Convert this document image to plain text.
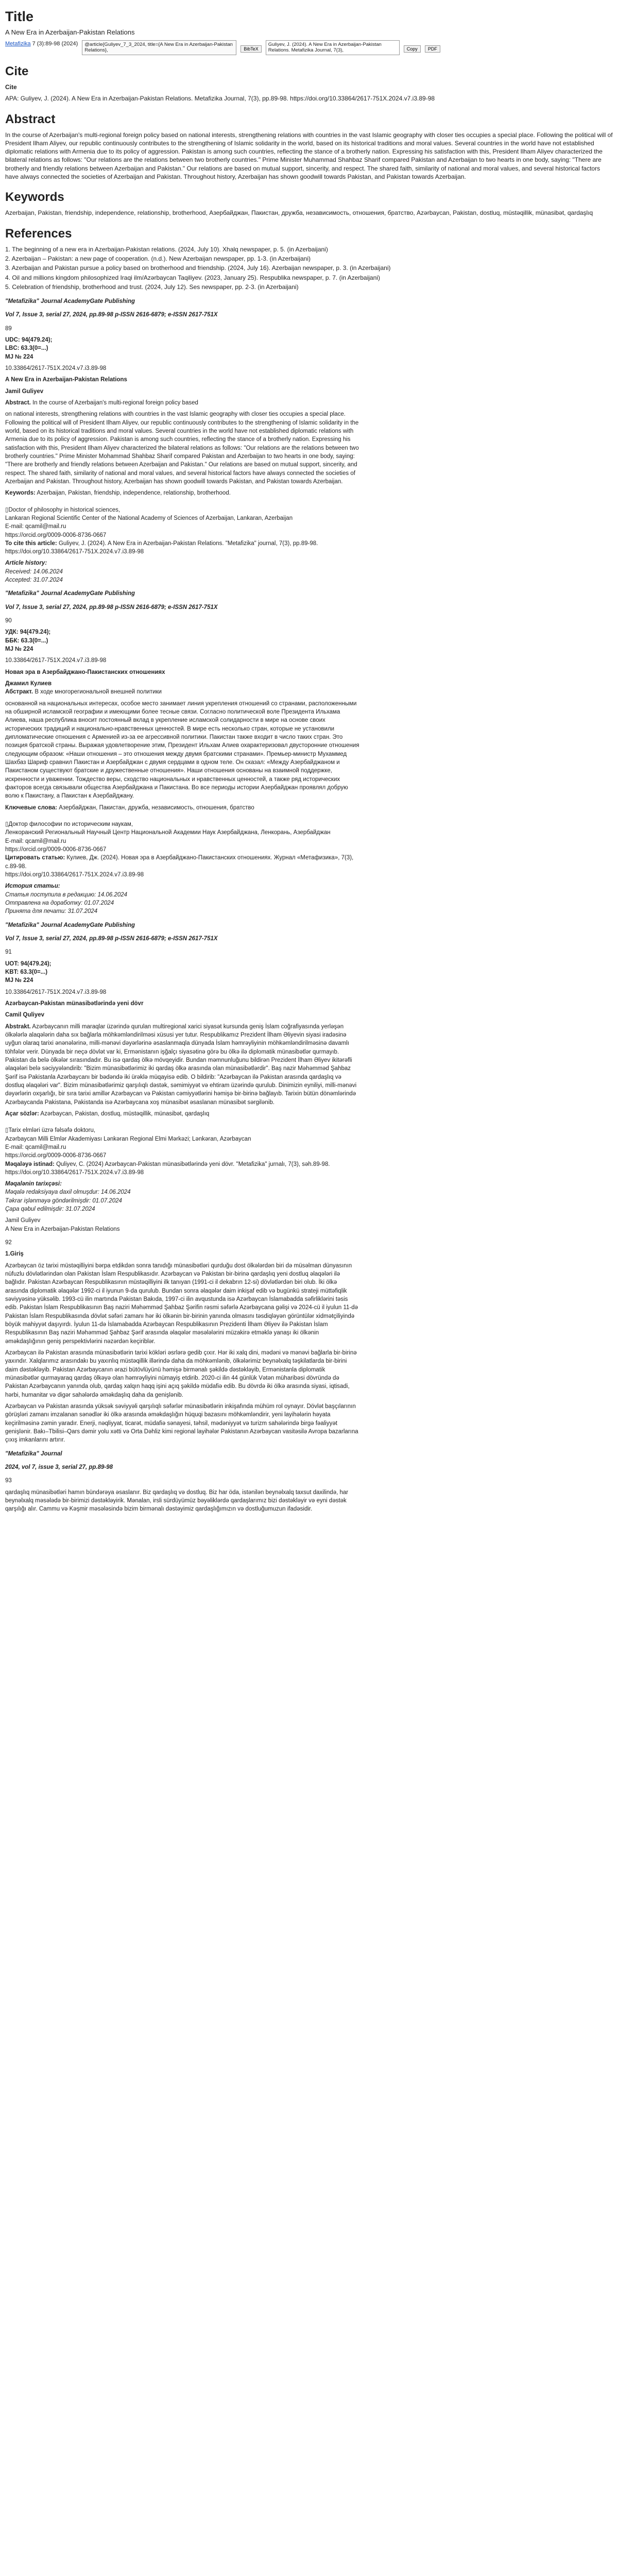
Title
A New Era in Azerbaijan-Pakistan Relations
Metafizika 7 (3):89-98 (2024)	@article{Guliyev_7_3_2024, title={A New Era in Azerbaijan-Pakistan Relations},	BibTeX
Guliyev, J. (2024). A New Era in Azerbaijan-Pakistan Relations. Metafizika Journal, 7(3),	Copy	PDF
Cite
Cite

APA: Guliyev, J. (2024). A New Era in Azerbaijan-Pakistan Relations. Metafizika Journal, 7(3), pp.89-98. https://doi.org/10.33864/2617-751X.2024.v7.i3.89-98

Abstract

In the course of Azerbaijan's multi-regional foreign policy based on national interests, strengthening relations with countries in the vast Islamic geography with closer ties occupies a special place. Following the political will of President Ilham Aliyev, our republic continuously contributes to the strengthening of Islamic solidarity in the world, based on its historical traditions and moral values. Several countries in the world have not established diplomatic relations with Armenia due to its policy of aggression. Pakistan is among such countries, reflecting the stance of a brotherly nation. Expressing his satisfaction with this, President Ilham Aliyev characterized the bilateral relations as follows: "Our relations are the relations between two brotherly countries." Prime Minister Muhammad Shahbaz Sharif compared Pakistan and Azerbaijan to two hearts in one body, saying: "There are brotherly and friendly relations between Azerbaijan and Pakistan." Our relations are based on mutual support, sincerity, and respect. The shared faith, similarity of national and moral values, and several historical factors have always connected the societies of Azerbaijan and Pakistan. Throughout history, Azerbaijan has shown goodwill towards Pakistan, and Pakistan towards Azerbaijan.

Keywords

Azerbaijan, Pakistan, friendship, independence, relationship, brotherhood, Азербайджан, Пакистан, дружба, независимость, отношения, братство, Azərbaycan, Pakistan, dostluq, müstəqillik, münasibət, qardaşlıq

References
1. The beginning of a new era in Azerbaijan-Pakistan relations. (2024, July 10). Xhalq newspaper, p. 5. (in Azerbaijani)
2. Azerbaijan – Pakistan: a new page of cooperation. (n.d.). New Azerbaijan newspaper, pp. 1-3. (in Azerbaijani)
3. Azerbaijan and Pakistan pursue a policy based on brotherhood and friendship. (2024, July 16). Azerbaijan newspaper, p. 3. (in Azerbaijani)
4. Oil and millions kingdom philosophized Iraqi ilm/Azərbaycan Taqiliyev. (2023, January 25). Respublika newspaper, p. 7. (in Azerbaijani)
5. Celebration of friendship, brotherhood and trust. (2024, July 12). Ses newspaper, pp. 2-3. (in Azerbaijani)
"Metafizika" Journal AcademyGate Publishing
Vol 7, Issue 3, serial 27, 2024, pp.89-98 p-ISSN 2616-6879; e-ISSN 2617-751X
89

UDC: 94(479.24);
LBC: 63.3(0=...)
MJ № 224

10.33864/2617-751X.2024.v7.i3.89-98

A New Era in Azerbaijan-Pakistan Relations

Jamil Guliyev

Abstract. In the course of Azerbaijan's multi-regional foreign policy based

on national interests, strengthening relations with countries in the vast Islamic geography with closer ties occupies a special place. Following the political will of President Ilham Aliyev, our republic continuously contributes to the strengthening of Islamic solidarity in the world, based on its historical traditions and moral values. Several countries in the world have not established diplomatic relations with Armenia due to its policy of aggression. Pakistan is among such countries, reflecting the stance of a brotherly nation. Expressing his satisfaction with this, President Ilham Aliyev characterized the bilateral relations as follows: "Our relations are the relations between two brotherly countries." Prime Minister Mohammad Shahbaz Sharif compared Pakistan and Azerbaijan to two hearts in one body, saying: "There are brotherly and friendly relations between Azerbaijan and Pakistan." Our relations are based on mutual support, sincerity, and respect. The shared faith, similarity of national and moral values, and several historical factors have always connected the societies of Azerbaijan and Pakistan. Throughout history, Azerbaijan has shown goodwill towards Pakistan, and Pakistan towards Azerbaijan.

Keywords: Azerbaijan, Pakistan, friendship, independence, relationship, brotherhood.

▯Doctor of philosophy in historical sciences,
Lankaran Regional Scientific Center of the National Academy of Sciences of Azerbaijan, Lankaran, Azerbaijan
E-mail: qcamil@mail.ru
https://orcid.org/0009-0006-8736-0667
To cite this article: Guliyev, J. (2024). A New Era in Azerbaijan-Pakistan Relations. "Metafizika" journal, 7(3), pp.89-98.
https://doi.org/10.33864/2617-751X.2024.v7.i3.89-98

Article history:
Received: 14.06.2024
Accepted: 31.07.2024

"Metafizika" Journal AcademyGate Publishing
Vol 7, Issue 3, serial 27, 2024, pp.89-98 p-ISSN 2616-6879; e-ISSN 2617-751X
90

УДК: 94(479.24);
ББК: 63.3(0=...)
MJ № 224

10.33864/2617-751X.2024.v7.i3.89-98

Новая эра в Азербайджано-Пакистанских отношениях

Джамил Кулиев
Абстракт. В ходе многорегиональной внешней политики

основанной на национальных интересах, особое место занимает линия укрепления отношений со странами, расположенными на обширной исламской географии и имеющими более тесные связи. Согласно политической воле Президента Ильхама Алиева, наша республика вносит постоянный вклад в укрепление исламской солидарности в мире на основе своих исторических традиций и национально-нравственных ценностей. В мире есть несколько стран, которые не установили дипломатические отношения с Арменией из-за ее агрессивной политики. Пакистан также входит в число таких стран. Это позиция братской страны. Выражая удовлетворение этим, Президент Ильхам Алиев охарактеризовал двусторонние отношения следующим образом: «Наши отношения – это отношения между двумя братскими странами». Премьер-министр Мухаммед Шахбаз Шариф сравнил Пакистан и Азербайджан с двумя сердцами в одном теле. Он сказал: «Между Азербайджаном и Пакистаном существуют братские и дружественные отношения». Наши отношения основаны на взаимной поддержке, искренности и уважении. Тождество веры, сходство национальных и нравственных ценностей, а также ряд исторических факторов всегда связывали общества Азербайджана и Пакистана. Во все периоды истории Азербайджан проявлял добрую волю к Пакистану, а Пакистан к Азербайджану.

Ключевые слова: Азербайджан, Пакистан, дружба, независимость, отношения, братство

▯Доктор философии по историческим наукам,
Ленкоранский Региональный Научный Центр Национальной Академии Наук Азербайджана, Ленкорань, Азербайджан
E-mail: qcamil@mail.ru
https://orcid.org/0009-0006-8736-0667
Цитировать статью: Кулиев, Дж. (2024). Новая эра в Азербайджано-Пакистанских отношениях. Журнал «Метафизика», 7(3), с.89-98.
https://doi.org/10.33864/2617-751X.2024.v7.i3.89-98

История статьи:
Статья поступила в редакцию: 14.06.2024
Отправлена на доработку: 01.07.2024
Принята для печати: 31.07.2024

"Metafizika" Journal AcademyGate Publishing
Vol 7, Issue 3, serial 27, 2024, pp.89-98 p-ISSN 2616-6879; e-ISSN 2617-751X
91

UOT: 94(479.24);
KBT: 63.3(0=...)
MJ № 224

10.33864/2617-751X.2024.v7.i3.89-98

Azərbaycan-Pakistan münasibətlərində yeni dövr

Camil Quliyev

Abstrakt. Azərbaycanın milli maraqlar üzərində qurulan multiregional xarici siyasət kursunda geniş İslam coğrafiyasında yerləşən ölkələrlə alaqələrin daha sıx bağlarla möhkəmləndirilməsi xüsusi yer tutur. Respublikamız Prezident İlham Əliyevin siyasi iradəsinə uyğun olaraq tarixi ənənələrinə, milli-mənəvi dəyərlərinə əsaslanmaqla dünyada İslam həmrəyliyinin möhkəmləndirilməsinə davamlı töhfələr verir. Dünyada bir neçə dövlət var ki, Ermənistanın işğalçı siyasətinə görə bu ölkə ilə diplomatik münasibətlər qurmayıb. Pakistan da belə ölkələr sırasındadır. Bu isə qardaş ölkə mövqeyidir. Bundan məmnunluğunu bildirən Prezident İlham Əliyev ikitərəfli əlaqələri belə səciyyələndirib: "Bizim münasibətlərimiz iki qardaş ölkə arasında olan münasibətlərdir". Baş nazir Məhəmməd Şahbaz Şərif isə Pakistanla Azərbaycanı bir bədəndə iki ürəklə müqayisə edib. O bildirib: "Azərbaycan ilə Pakistan arasında qardaşlıq və dostluq əlaqələri var". Bizim münasibətlərimiz qarşılıqlı dəstək, səmimiyyət və ehtiram üzərində qurulub. Dinimizin eyniliyi, milli-mənəvi dəyərlərin oxşarlığı, bir sıra tarixi amillər Azərbaycan və Pakistan cəmiyyətlərini həmişə bir-birinə bağlayıb. Tarixin bütün dönəmlərində Azərbaycanda Pakistana, Pakistanda isə Azərbaycana xoş münasibət əsaslanan münasibət sərgilənib.

Açar sözlər: Azərbaycan, Pakistan, dostluq, müstəqillik, münasibət, qardaşlıq

▯Tarix elmləri üzrə fəlsəfə doktoru,
Azərbaycan Milli Elmlər Akademiyası Lənkəran Regional Elmi Mərkəzi; Lənkəran, Azərbaycan
E-mail: qcamil@mail.ru
https://orcid.org/0009-0006-8736-0667
Məqaləyə istinad: Quliyev, C. (2024) Azərbaycan-Pakistan münasibətlərində yeni dövr. "Metafizika" jurnalı, 7(3), səh.89-98.
https://doi.org/10.33864/2617-751X.2024.v7.i3.89-98

Məqalənin tarixçəsi:
Məqalə redaksiyaya daxil olmuşdur: 14.06.2024
Təkrar işlənməyə göndərilmişdir: 01.07.2024
Çapa qəbul edilmişdir: 31.07.2024

Jamil Guliyev
A New Era in Azerbaijan-Pakistan Relations

92

1.Giriş

Azərbaycan öz tarixi müstəqilliyini bərpa etdikdən sonra tanıdığı münasibətləri qurduğu dost ölkələrdən biri də müsəlman dünyasının nüfuzlu dövlətlərindən olan Pakistan İslam Respublikasıdır. Azərbaycan və Pakistan bir-birinə qardaşlıq yeni dostluq əlaqələri ilə bağlıdır. Pakistan Azərbaycan Respublikasının müstəqilliyini ilk tanıyan (1991-ci il dekabrın 12-si) dövlətlərdən biri olub. İki ölkə arasında diplomatik əlaqələr 1992-ci il iyunun 9-da qurulub. Bundan sonra əlaqələr daim inkişaf edib və bugünkü strateji müttəfiqlik səviyyəsinə yüksəlib. 1993-cü ilin martında Pakistan Bakıda, 1997-ci ilin avqustunda isə Azərbaycan İslamabadda səfirliklərini təsis edib. Pakistan İslam Respublikasının Baş naziri Məhəmməd Şahbaz Şərifin rəsmi səfərlə Azərbaycana gəlişi və 2024-cü il iyulun 11-də Pakistan İslam Respublikasında dövlət səfəri zamanı hər iki ölkənin bir-birinin yanında olmasını təsdiqləyən görüntülər xidmətçiliyində böyük mahiyyət daşıyırdı. İyulun 11-də İslamabadda Azərbaycan Respublikasının Prezidenti İlham Əliyev ilə Pakistan İslam Respublikasının Baş naziri Məhəmməd Şahbaz Şərif arasında əlaqələr məsələlərini müzakirə etməklə yanaşı iki ölkənin əməkdaşlığının geniş perspektivlərini nəzərdən keçiriblər.

Azərbaycan ilə Pakistan arasında münasibətlərin tarixi kökləri əsrlərə gedib çıxır. Hər iki xalq dini, mədəni və mənəvi bağlarla bir-birinə yaxındır. Xalqlarımız arasındakı bu yaxınlıq müstəqillik illərində daha da möhkəmlənib, ölkələrimiz beynəlxalq təşkilatlarda bir-birini daim dəstəkləyib. Pakistan Azərbaycanın ərazi bütövlüyünü həmişə birmənalı şəkildə dəstəkləyib, Ermənistanla diplomatik münasibətlər qurmayaraq qardaş ölkəyə olan həmrəyliyini nümayiş etdirib. 2020-ci ilin 44 günlük Vətən müharibəsi dövründə də Pakistan Azərbaycanın yanında olub, qardaş xalqın haqq işini açıq şəkildə müdafiə edib. Bu dövrdə iki ölkə arasında siyasi, iqtisadi, hərbi, humanitar və digər sahələrdə əməkdaşlıq daha da genişlənib.

Azərbaycan və Pakistan arasında yüksək səviyyəli qarşılıqlı səfərlər münasibətlərin inkişafında mühüm rol oynayır. Dövlət başçılarının görüşləri zamanı imzalanan sənədlər iki ölkə arasında əməkdaşlığın hüquqi bazasını möhkəmləndirir, yeni layihələrin həyata keçirilməsinə zəmin yaradır. Enerji, nəqliyyat, ticarət, müdafiə sənayesi, təhsil, mədəniyyət və turizm sahələrində birgə fəaliyyət genişlənir. Bakı–Tbilisi–Qars dəmir yolu xətti və Orta Dəhliz kimi regional layihələr Pakistanın Azərbaycan vasitəsilə Avropa bazarlarına çıxış imkanlarını artırır.

"Metafizika" Journal
2024, vol 7, issue 3, serial 27, pp.89-98
93

qardaşlıq münasibətləri hamın bündərəya əsaslanır. Biz qardaşlıq və dostluq. Biz har öda, istənilən beynəlxalq taxsut daxilində, har beynəlxalq məsələdə bir-birimizi dəstəkləyirik. Mənalan, irsli sürdüyümüz bəyəliklərdə qardaşlarımız bizi dəstəkləyir və eyni dəstək qarşılığı alır. Cammu və Kəşmir məsələsində bizim birmənalı dəstəyimiz qardaşlığımızın və dostluğumuzun ifadəsidir.
